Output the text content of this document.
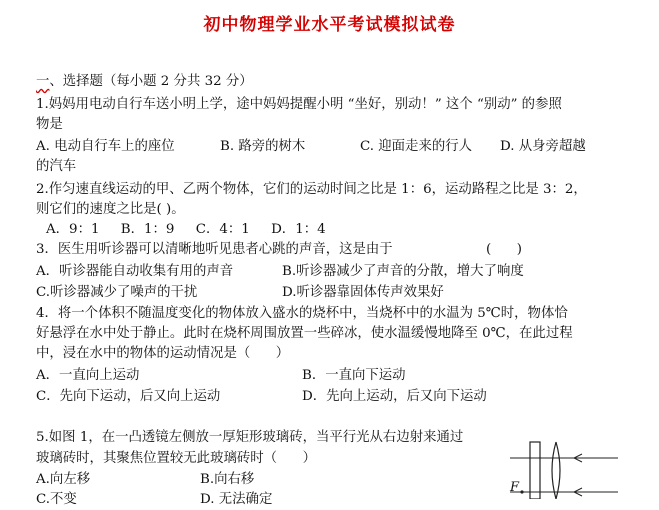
初中物理学业水平考试模拟试卷
一、选择题（每小题 2 分共 32 分）
1.妈妈用电动自行车送小明上学，途中妈妈提醒小明 “坐好，别动！” 这个 “别动” 的参照
物是
A. 电动自行车上的座位	B. 路旁的树木	C. 迎面走来的行人 D. 从身旁超越
的汽车
2.作匀速直线运动的甲、乙两个物体，它们的运动时间之比是 1：6，运动路程之比是 3：2，
则它们的速度之比是( )。
A．9：1     B．1：9     C．4：1     D．1：4
3．医生用听诊器可以清晰地听见患者心跳的声音，这是由于	(      )
A．听诊器能自动收集有用的声音	B.听诊器减少了声音的分散，增大了响度
C.听诊器减少了噪声的干扰	D.听诊器靠固体传声效果好
4．将一个体积不随温度变化的物体放入盛水的烧杯中，当烧杯中的水温为 5℃时，物体恰
好悬浮在水中处于静止。此时在烧杯周围放置一些碎冰，使水温缓慢地降至 0℃，在此过程
中，浸在水中的物体的运动情况是（      ）
A．一直向上运动	B．一直向下运动
C．先向下运动，后又向上运动	D．先向上运动，后又向下运动
5.如图 1，在一凸透镜左侧放一厚矩形玻璃砖，当平行光从右边射来通过
玻璃砖时，其聚焦位置较无此玻璃砖时（      ）
A.向左移	B.向右移
C.不变	D. 无法确定
F
